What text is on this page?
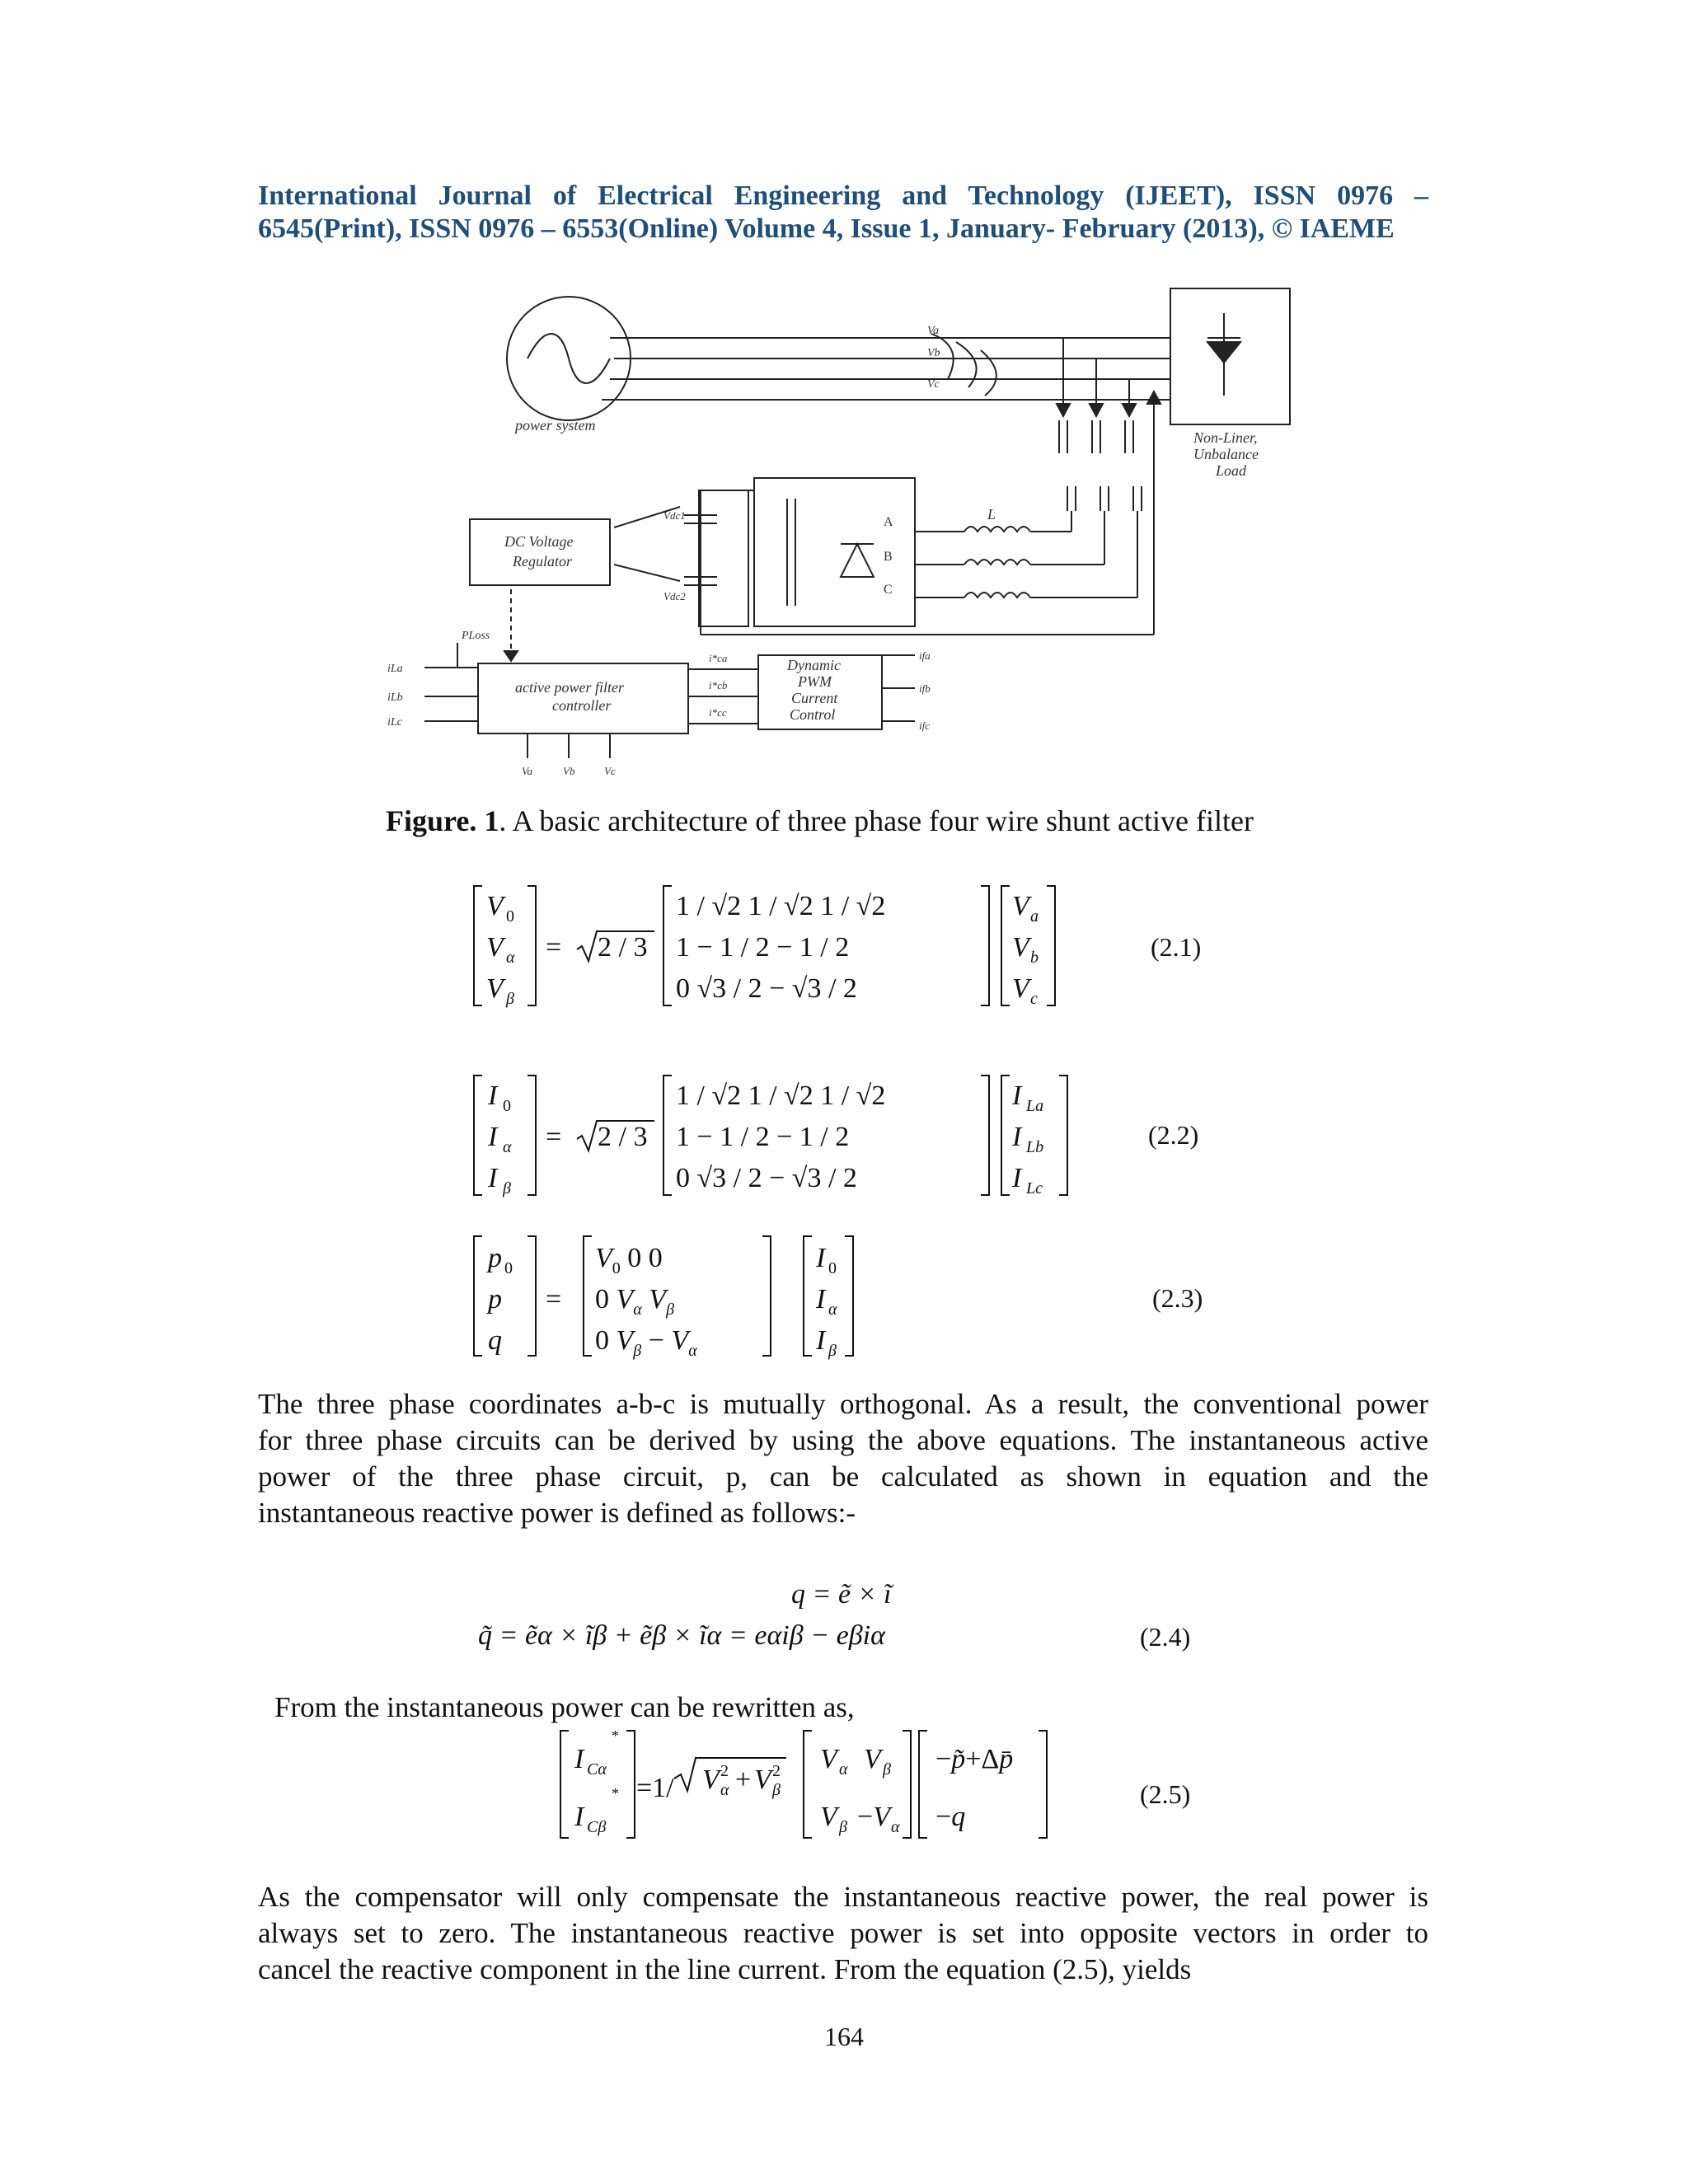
International Journal of Electrical Engineering and Technology (IJEET), ISSN 0976 –
6545(Print), ISSN 0976 – 6553(Online) Volume 4, Issue 1, January- February (2013), © IAEME
power system
DC Voltage
Regulator
active power filter
controller
Dynamic
PWM
Current
Control
Non-Liner,
Unbalance
Load
L
Va
Vb
Vc
Vdc1
Vdc2
PLoss
iLa
iLb
iLc
i*ca
i*cb
i*cc
ifa
ifb
ifc
Va	Vb	Vc
A
B
C
Figure. 1. A basic architecture of three phase four wire shunt active filter
V 0
V α
V β
= 2 / 3
1 / √2 1 / √2 1 / √2
1 − 1 / 2 − 1 / 2
0 √3 / 2 − √3 / 2
V a
V b
V c
I 0
I α
I β
= 2 / 3
1 / √2 1 / √2 1 / √2
1 − 1 / 2 − 1 / 2
0 √3 / 2 − √3 / 2
I La
I Lb
I Lc
p 0
p
q
=
$V_0$ 0 0
0 $V_\alpha$ $V_\beta$
0 $V_\beta - V_\alpha$
I 0
I α
I β
q = ẽ × ĩ
q̃ = ẽα × ĩβ + ẽβ × ĩα = eαiβ − eβiα
I Cα
*
I Cβ
* =1/ V α
2 + V β
2 V α V β
V β −V α
−p̃+Δp̄
−q
(2.1)
(2.2)
(2.3)
(2.4)
(2.5)
The three phase coordinates a-b-c is mutually orthogonal. As a result, the conventional power
for three phase circuits can be derived by using the above equations. The instantaneous active
power of the three phase circuit, p, can be calculated as shown in equation and the
instantaneous reactive power is defined as follows:-
From the instantaneous power can be rewritten as,
As the compensator will only compensate the instantaneous reactive power, the real power is
always set to zero. The instantaneous reactive power is set into opposite vectors in order to
cancel the reactive component in the line current. From the equation (2.5), yields
164
